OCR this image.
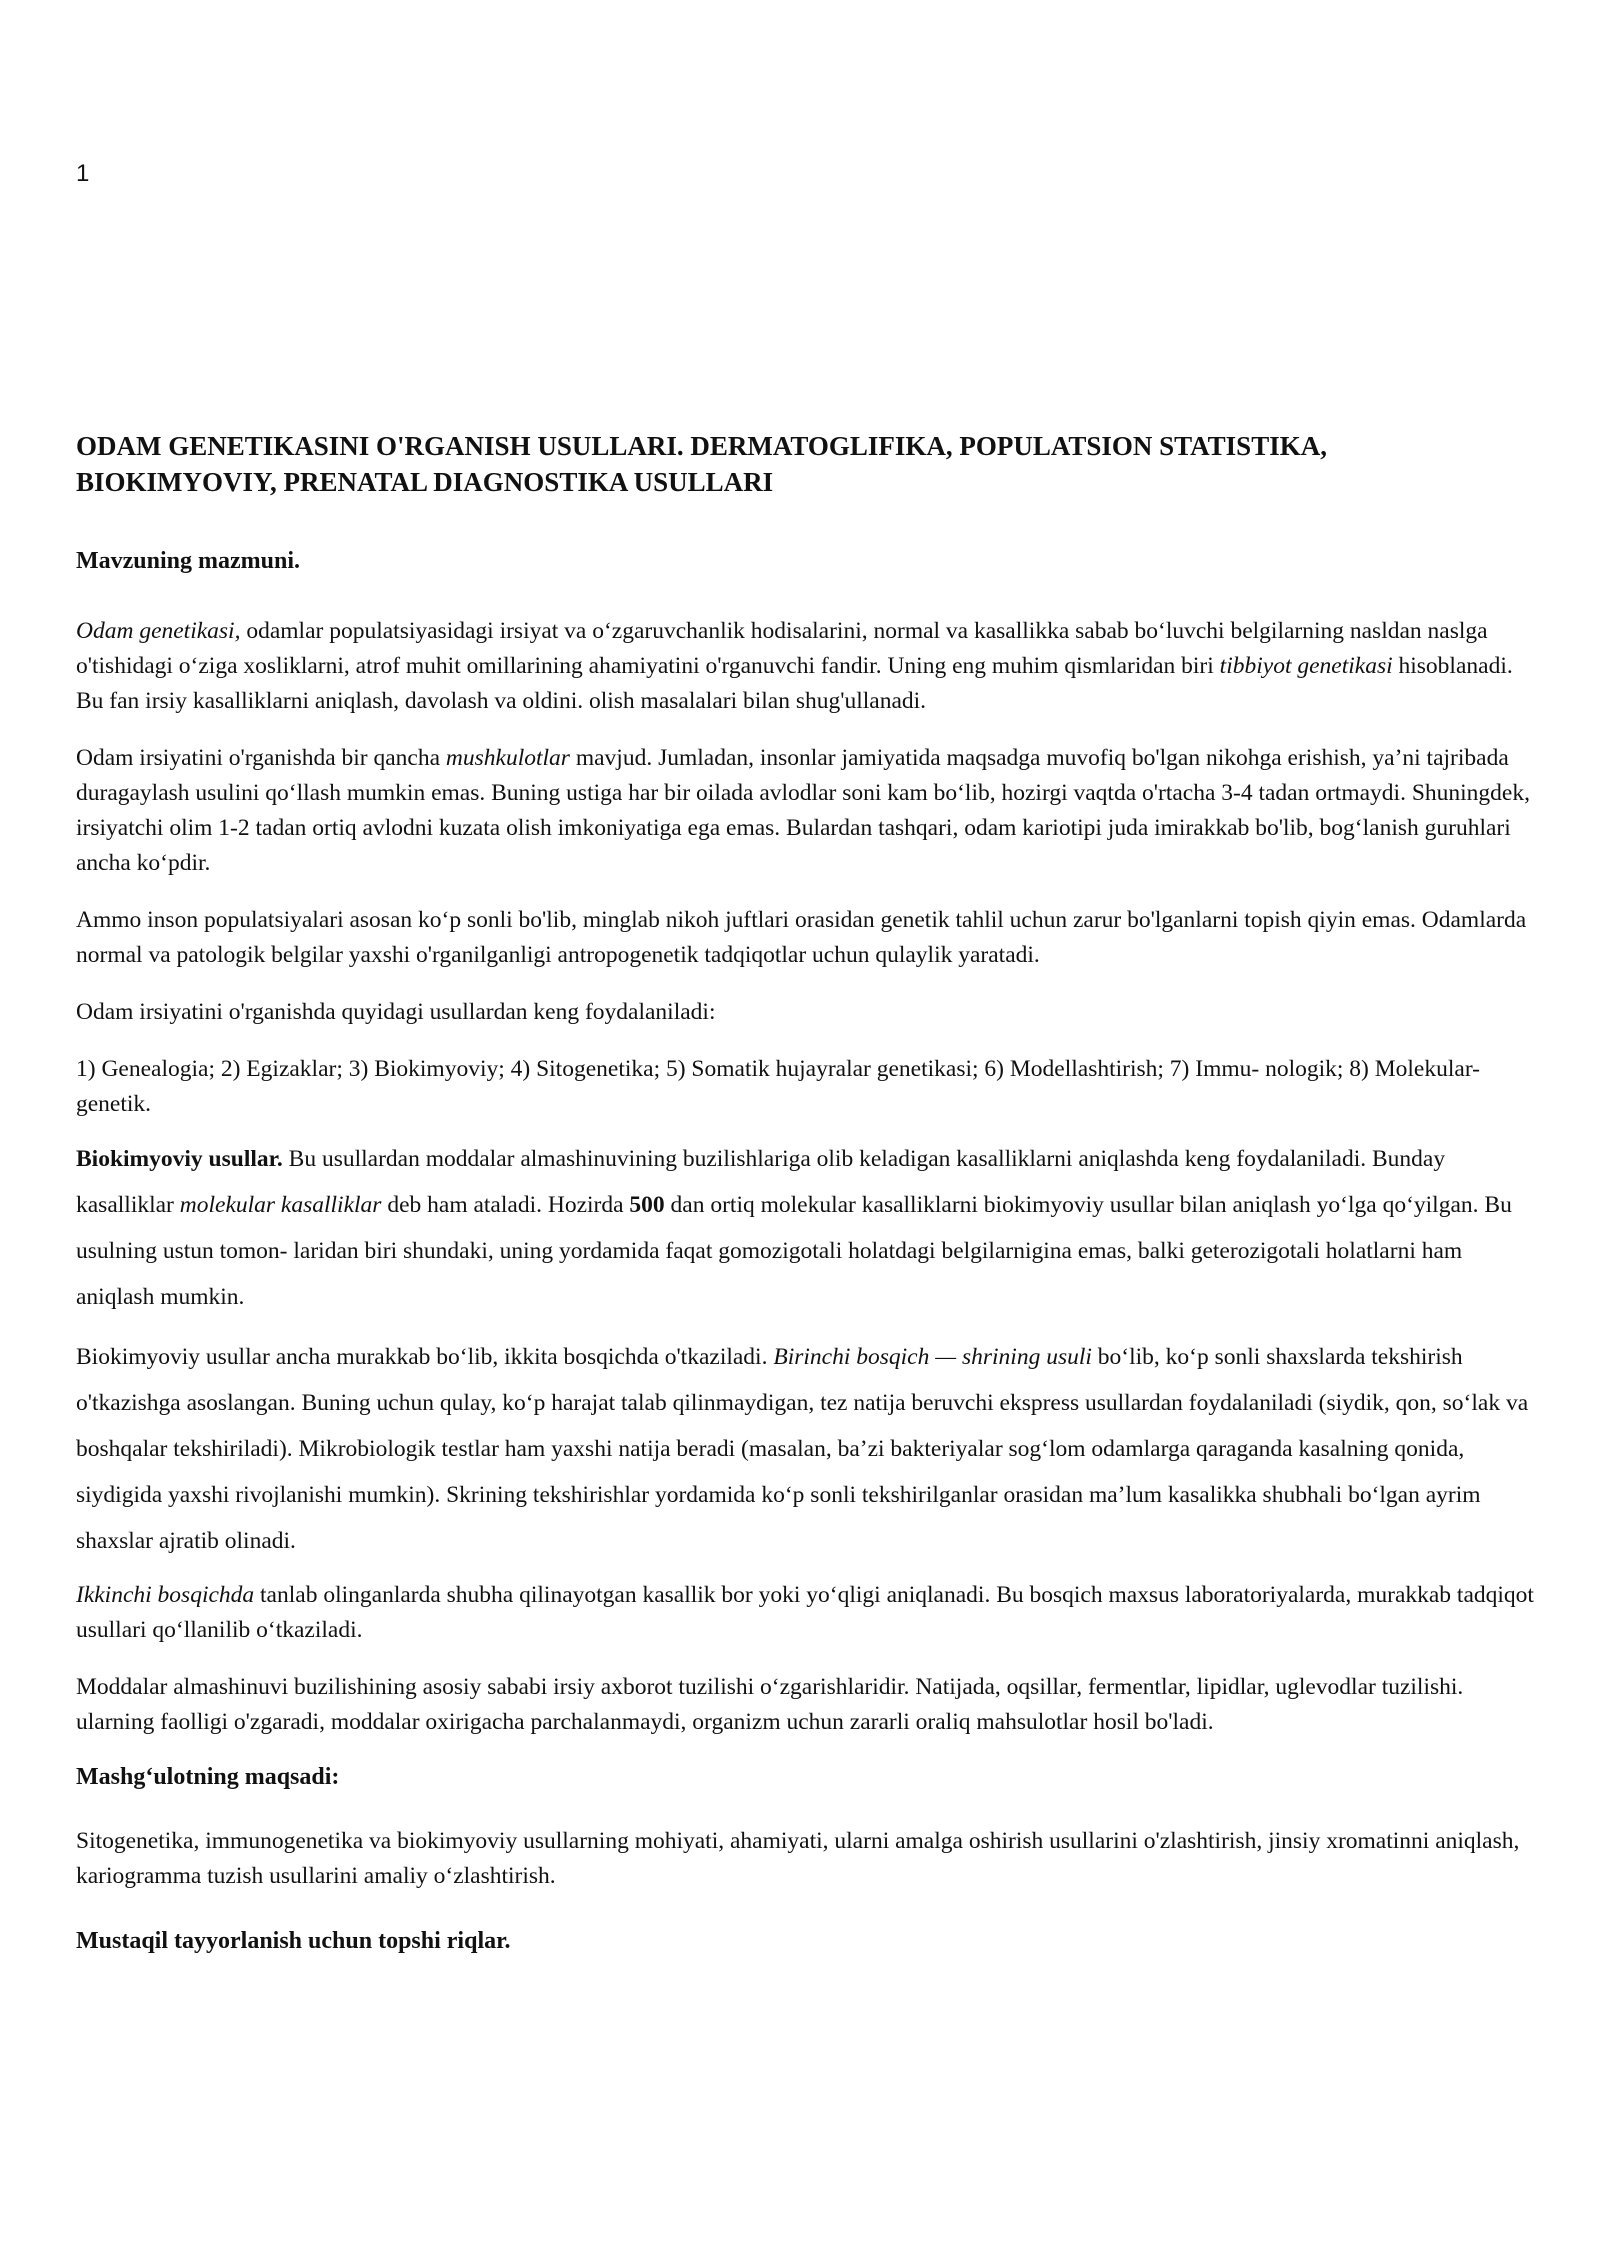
1
ODAM GENETIKASINI O'RGANISH USULLARI. DERMATOGLIFIKA, POPULATSION STATISTIKA,
BIOKIMYOVIY, PRENATAL DIAGNOSTIKA USULLARI
Mavzuning mazmuni.

Odam genetikasi, odamlar populatsiyasidagi irsiyat va o‘zgaruvchanlik hodisalarini, normal va kasallikka sabab bo‘luvchi belgilarning nasldan naslga o'tishidagi o‘ziga xosliklarni, atrof muhit omillarining ahamiyatini o'rganuvchi fandir. Uning eng muhim qismlaridan biri tibbiyot genetikasi hisoblanadi. Bu fan irsiy kasalliklarni aniqlash, davolash va oldini. olish masalalari bilan shug'ullanadi.

Odam irsiyatini o'rganishda bir qancha mushkulotlar mavjud. Jumladan, insonlar jamiyatida maqsadga muvofiq bo'lgan nikohga erishish, ya’ni tajribada duragaylash usulini qo‘llash mumkin emas. Buning ustiga har bir oilada avlodlar soni kam bo‘lib, hozirgi vaqtda o'rtacha 3-4 tadan ortmaydi. Shuningdek, irsiyatchi olim 1-2 tadan ortiq avlodni kuzata olish imkoniyatiga ega emas. Bulardan tashqari, odam kariotipi juda imirakkab bo'lib, bog‘lanish guruhlari ancha ko‘pdir.

Ammo inson populatsiyalari asosan ko‘p sonli bo'lib, minglab nikoh juftlari orasidan genetik tahlil uchun zarur bo'lganlarni topish qiyin emas. Odamlarda normal va patologik belgilar yaxshi o'rganilganligi antropogenetik tadqiqotlar uchun qulaylik yaratadi.

Odam irsiyatini o'rganishda quyidagi usullardan keng foydalaniladi:

1) Genealogia; 2) Egizaklar; 3) Biokimyoviy; 4) Sitogenetika; 5) Somatik hujayralar genetikasi; 6) Modellashtirish; 7) Immu- nologik; 8) Molekular-genetik.

Biokimyoviy usullar. Bu usullardan moddalar almashinuvining buzilishlariga olib keladigan kasalliklarni aniqlashda keng foydalaniladi. Bunday kasalliklar molekular kasalliklar deb ham ataladi. Hozirda 500 dan ortiq molekular kasalliklarni biokimyoviy usullar bilan aniqlash yo‘lga qo‘yilgan. Bu usulning ustun tomon- laridan biri shundaki, uning yordamida faqat gomozigotali holatdagi belgilarnigina emas, balki geterozigotali holatlarni ham aniqlash mumkin.

Biokimyoviy usullar ancha murakkab bo‘lib, ikkita bosqichda o'tkaziladi. Birinchi bosqich — shrining usuli bo‘lib, ko‘p sonli shaxslarda tekshirish o'tkazishga asoslangan. Buning uchun qulay, ko‘p harajat talab qilinmaydigan, tez natija beruvchi ekspress usullardan foydalaniladi (siydik, qon, so‘lak va boshqalar tekshiriladi). Mikrobiologik testlar ham yaxshi natija beradi (masalan, ba’zi bakteriyalar sog‘lom odamlarga qaraganda kasalning qonida, siydigida yaxshi rivojlanishi mumkin). Skrining tekshirishlar yordamida ko‘p sonli tekshirilganlar orasidan ma’lum kasalikka shubhali bo‘lgan ayrim shaxslar ajratib olinadi.

Ikkinchi bosqichda tanlab olinganlarda shubha qilinayotgan kasallik bor yoki yo‘qligi aniqlanadi. Bu bosqich maxsus laboratoriyalarda, murakkab tadqiqot usullari qo‘llanilib o‘tkaziladi.

Moddalar almashinuvi buzilishining asosiy sababi irsiy axborot tuzilishi o‘zgarishlaridir. Natijada, oqsillar, fermentlar, lipidlar, uglevodlar tuzilishi. ularning faolligi o'zgaradi, moddalar oxirigacha parchalanmaydi, organizm uchun zararli oraliq mahsulotlar hosil bo'ladi.

Mashg‘ulotning maqsadi:

Sitogenetika, immunogenetika va biokimyoviy usullarning mohiyati, ahamiyati, ularni amalga oshirish usullarini o'zlashtirish, jinsiy xromatinni aniqlash, kariogramma tuzish usullarini amaliy o‘zlashtirish.

Mustaqil tayyorlanish uchun topshi riqlar.
